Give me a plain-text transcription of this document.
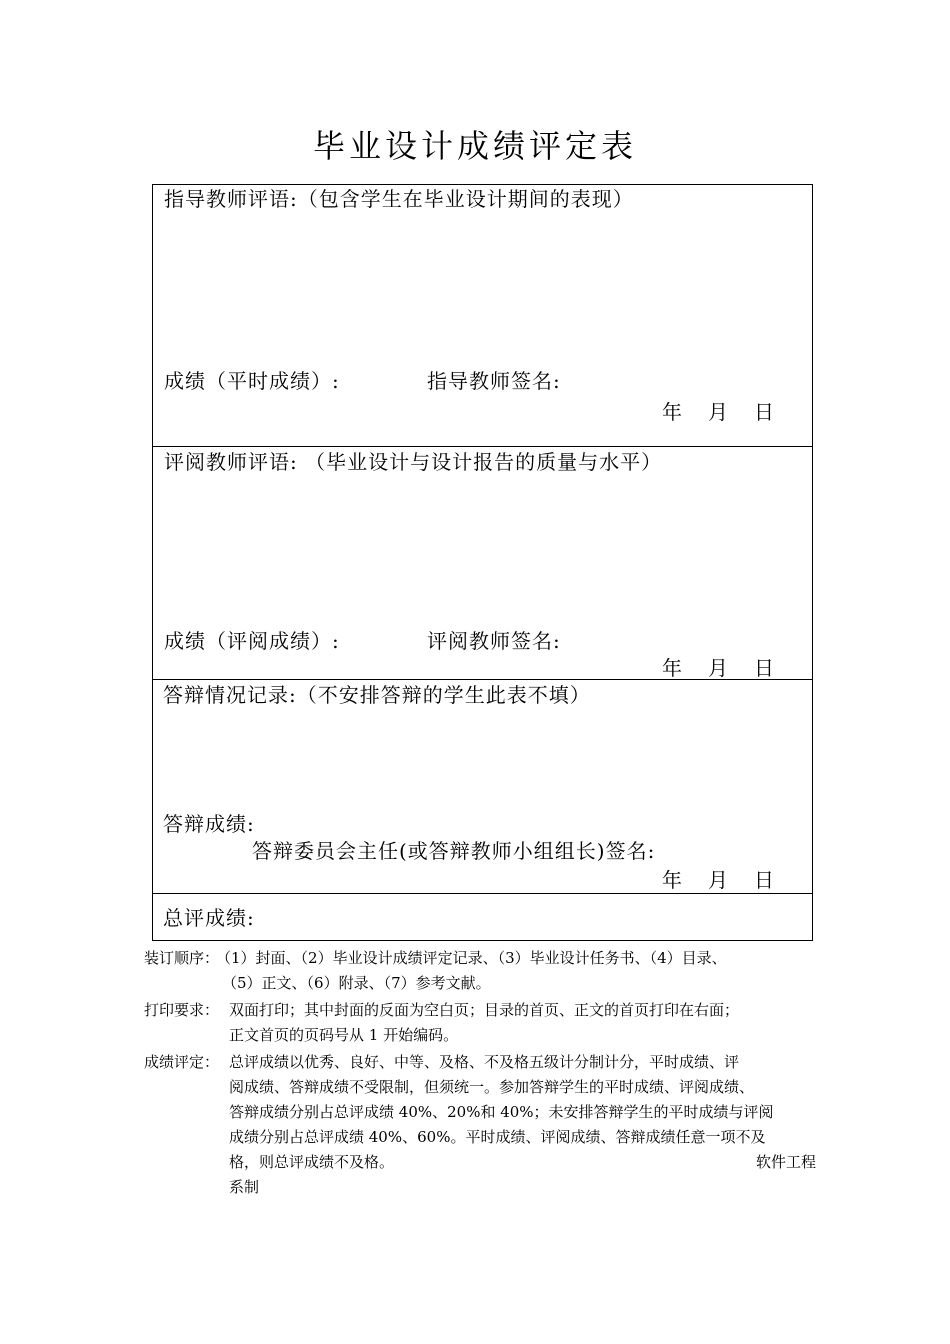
毕业设计成绩评定表
指导教师评语:（包含学生在毕业设计期间的表现）
成绩（平时成绩）:	指导教师签名:
年 月 日
评阅教师评语: （毕业设计与设计报告的质量与水平）
成绩（评阅成绩）:	评阅教师签名:
年 月 日
答辩情况记录:（不安排答辩的学生此表不填）
答辩成绩:
答辩委员会主任(或答辩教师小组组长)签名:
年 月 日
总评成绩:
装订顺序：
（1）封面、（2）毕业设计成绩评定记录、（3）毕业设计任务书、（4）目录、
（5）正文、（6）附录、（7）参考文献。
打印要求： 双面打印；其中封面的反面为空白页；目录的首页、正文的首页打印在右面；
正文首页的页码号从 1 开始编码。
成绩评定： 总评成绩以优秀、良好、中等、及格、不及格五级计分制计分，平时成绩、评
阅成绩、答辩成绩不受限制，但须统一。参加答辩学生的平时成绩、评阅成绩、
答辩成绩分别占总评成绩 40%、20%和 40%；未安排答辩学生的平时成绩与评阅
成绩分别占总评成绩 40%、60%。平时成绩、评阅成绩、答辩成绩任意一项不及
格，则总评成绩不及格。	软件工程
系制
